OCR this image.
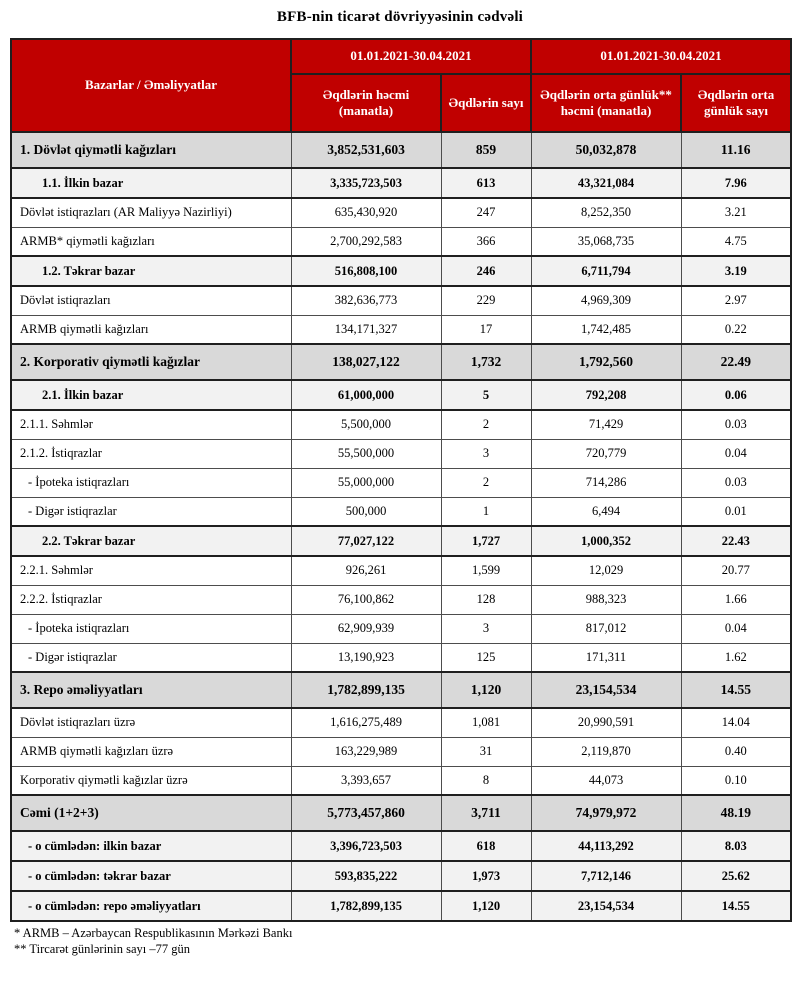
BFB-nin ticarət dövriyyəsinin cədvəli
Bazarlar / Əməliyyatlar	01.01.2021-30.04.2021		01.01.2021-30.04.2021	
	Əqdlərin həcmi (manatla)	Əqdlərin sayı	Əqdlərin orta günlük** həcmi (manatla)	Əqdlərin orta günlük sayı
1. Dövlət qiymətli kağızları	3,852,531,603	859	50,032,878	11.16
1.1. İlkin bazar	3,335,723,503	613	43,321,084	7.96
Dövlət istiqrazları (AR Maliyyə Nazirliyi)	635,430,920	247	8,252,350	3.21
ARMB* qiymətli kağızları	2,700,292,583	366	35,068,735	4.75
1.2. Təkrar bazar	516,808,100	246	6,711,794	3.19
Dövlət istiqrazları	382,636,773	229	4,969,309	2.97
ARMB qiymətli kağızları	134,171,327	17	1,742,485	0.22
2. Korporativ qiymətli kağızlar	138,027,122	1,732	1,792,560	22.49
2.1. İlkin bazar	61,000,000	5	792,208	0.06
2.1.1. Səhmlər	5,500,000	2	71,429	0.03
2.1.2. İstiqrazlar	55,500,000	3	720,779	0.04
- İpoteka istiqrazları	55,000,000	2	714,286	0.03
- Digər istiqrazlar	500,000	1	6,494	0.01
2.2. Təkrar bazar	77,027,122	1,727	1,000,352	22.43
2.2.1. Səhmlər	926,261	1,599	12,029	20.77
2.2.2. İstiqrazlar	76,100,862	128	988,323	1.66
- İpoteka istiqrazları	62,909,939	3	817,012	0.04
- Digər istiqrazlar	13,190,923	125	171,311	1.62
3. Repo əməliyyatları	1,782,899,135	1,120	23,154,534	14.55
Dövlət istiqrazları üzrə	1,616,275,489	1,081	20,990,591	14.04
ARMB qiymətli kağızları üzrə	163,229,989	31	2,119,870	0.40
Korporativ qiymətli kağızlar üzrə	3,393,657	8	44,073	0.10
Cəmi (1+2+3)	5,773,457,860	3,711	74,979,972	48.19
- o cümlədən: ilkin bazar	3,396,723,503	618	44,113,292	8.03
- o cümlədən: təkrar bazar	593,835,222	1,973	7,712,146	25.62
- o cümlədən: repo əməliyyatları	1,782,899,135	1,120	23,154,534	14.55
* ARMB – Azərbaycan Respublikasının Mərkəzi Bankı
** Tircarət günlərinin sayı –77 gün
